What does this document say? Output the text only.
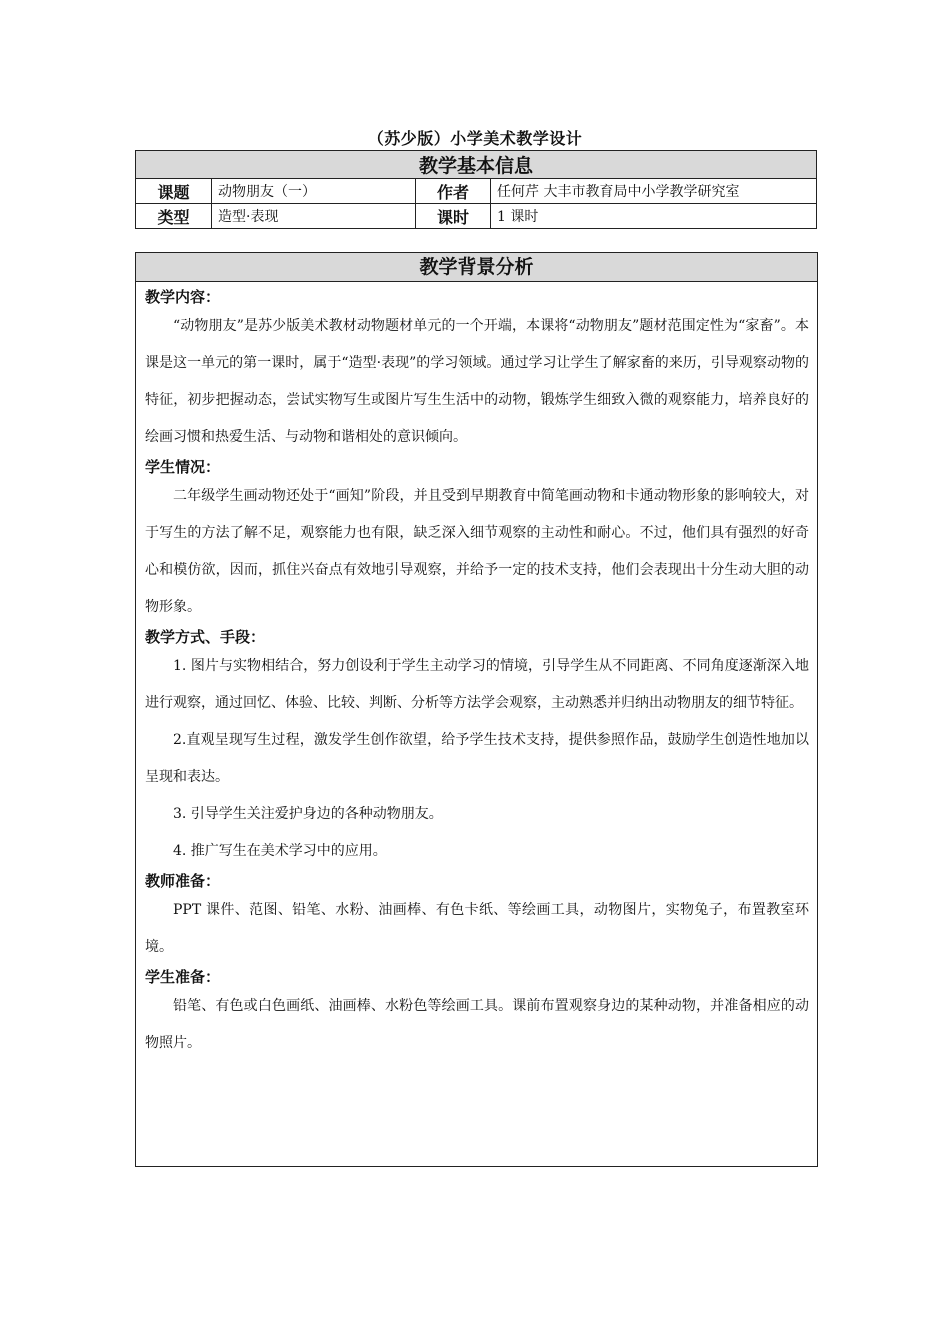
（苏少版）小学美术教学设计
教学基本信息			
课题	动物朋友（一）	作者	任何芹 大丰市教育局中小学教学研究室
类型	造型·表现	课时	1 课时
教学背景分析

教学内容：

“动物朋友”是苏少版美术教材动物题材单元的一个开端，本课将“动物朋友”题材范围定性为“家畜”。本课是这一单元的第一课时，属于“造型·表现”的学习领域。通过学习让学生了解家畜的来历，引导观察动物的特征，初步把握动态，尝试实物写生或图片写生生活中的动物，锻炼学生细致入微的观察能力，培养良好的绘画习惯和热爱生活、与动物和谐相处的意识倾向。

学生情况：

二年级学生画动物还处于“画知”阶段，并且受到早期教育中简笔画动物和卡通动物形象的影响较大，对于写生的方法了解不足，观察能力也有限，缺乏深入细节观察的主动性和耐心。不过，他们具有强烈的好奇心和模仿欲，因而，抓住兴奋点有效地引导观察，并给予一定的技术支持，他们会表现出十分生动大胆的动物形象。

教学方式、手段：

1. 图片与实物相结合，努力创设利于学生主动学习的情境，引导学生从不同距离、不同角度逐渐深入地进行观察，通过回忆、体验、比较、判断、分析等方法学会观察，主动熟悉并归纳出动物朋友的细节特征。

2.直观呈现写生过程，激发学生创作欲望，给予学生技术支持，提供参照作品，鼓励学生创造性地加以呈现和表达。

3. 引导学生关注爱护身边的各种动物朋友。

4. 推广写生在美术学习中的应用。

教师准备：

PPT 课件、范图、铅笔、水粉、油画棒、有色卡纸、等绘画工具，动物图片，实物兔子，布置教室环境。

学生准备：

铅笔、有色或白色画纸、油画棒、水粉色等绘画工具。课前布置观察身边的某种动物，并准备相应的动物照片。
